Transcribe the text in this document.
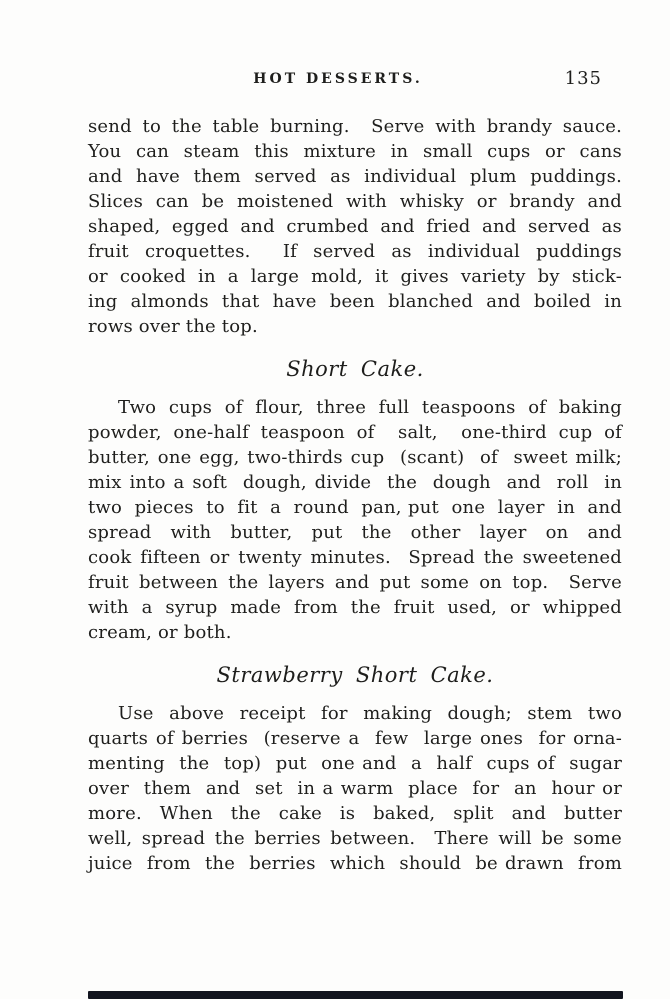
HOT DESSERTS.	135
send to the table burning.  Serve with brandy sauce.
You can steam this mixture in small cups or cans
and have them served as individual plum puddings.
Slices can be moistened with whisky or brandy and
shaped, egged and crumbed and fried and served as
fruit croquettes.  If served as individual puddings
or cooked in a large mold, it gives variety by stick-
ing almonds that have been blanched and boiled in
rows over the top.
Short Cake.
Two cups of flour, three full teaspoons of baking
powder, one-half teaspoon of  salt,  one-third cup of
butter, one egg, two-thirds cup  (scant)  of  sweet milk;
mix into a soft  dough, divide  the  dough  and  roll  in
two  pieces  to  fit  a  round  pan, put  one  layer  in  and
spread  with  butter,  put  the  other  layer  on  and
cook fifteen or twenty minutes.  Spread the sweetened
fruit between the layers and put some on top.  Serve
with  a  syrup  made  from  the  fruit  used,  or  whipped
cream, or both.
Strawberry Short Cake.
Use  above  receipt  for  making  dough;  stem  two
quarts of berries  (reserve a  few  large ones  for orna-
menting  the  top)  put  one and  a  half  cups of  sugar
over  them  and  set  in a warm  place  for  an  hour or
more.  When  the  cake  is  baked,  split  and  butter
well, spread the berries between.  There will be some
juice  from  the  berries  which  should  be drawn  from
